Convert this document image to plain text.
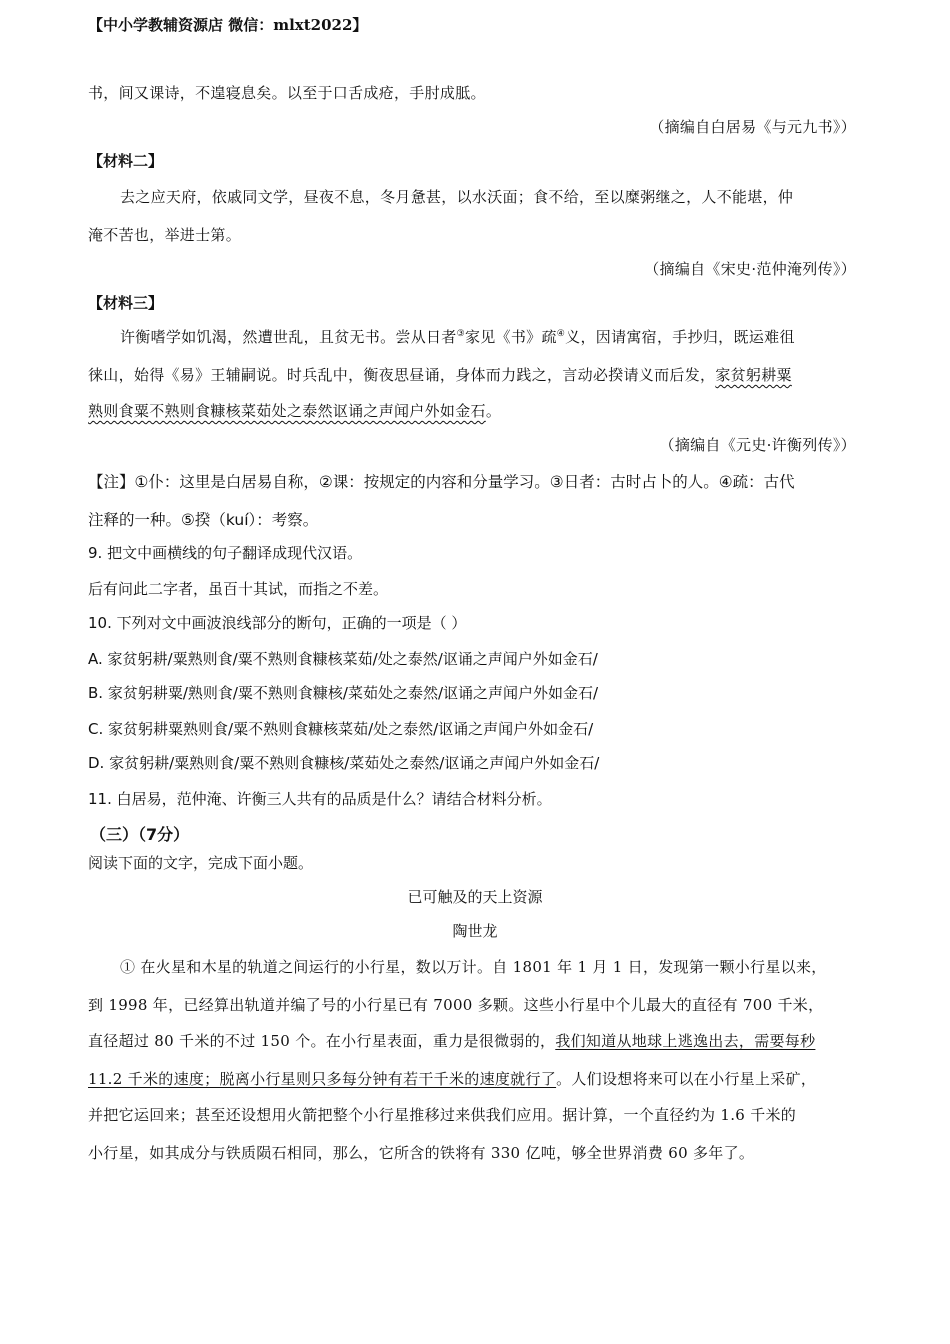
【中小学教辅资源店 微信：mlxt2022】
书，间又课诗，不遑寝息矣。以至于口舌成疮，手肘成胝。
（摘编自白居易《与元九书》）
【材料二】
去之应天府，依戚同文学，昼夜不息，冬月惫甚，以水沃面；食不给，至以糜粥继之，人不能堪，仲
淹不苦也，举进士第。
（摘编自《宋史·范仲淹列传》）
【材料三】
许衡嗜学如饥渴，然遭世乱，且贫无书。尝从日者③家见《书》疏④义，因请寓宿，手抄归，既运难徂
徕山，始得《易》王辅嗣说。时兵乱中，衡夜思昼诵，身体而力践之，言动必揆请义而后发，家贫躬耕粟
熟则食粟不熟则食糠核菜茹处之泰然讴诵之声闻户外如金石。
（摘编自《元史·许衡列传》）
【注】①仆：这里是白居易自称，②课：按规定的内容和分量学习。③日者：古时占卜的人。④疏：古代
注释的一种。⑤揆（kuí）：考察。
9. 把文中画横线的句子翻译成现代汉语。
后有问此二字者，虽百十其试，而指之不差。
10. 下列对文中画波浪线部分的断句，正确的一项是（ ）
A. 家贫躬耕/粟熟则食/粟不熟则食糠核菜茹/处之泰然/讴诵之声闻户外如金石/
B. 家贫躬耕粟/熟则食/粟不熟则食糠核/菜茹处之泰然/讴诵之声闻户外如金石/
C. 家贫躬耕粟熟则食/粟不熟则食糠核菜茹/处之泰然/讴诵之声闻户外如金石/
D. 家贫躬耕/粟熟则食/粟不熟则食糠核/菜茹处之泰然/讴诵之声闻户外如金石/
11. 白居易，范仲淹、许衡三人共有的品质是什么？请结合材料分析。
（三）（7分）
阅读下面的文字，完成下面小题。
已可触及的天上资源
陶世龙
① 在火星和木星的轨道之间运行的小行星，数以万计。自 1801 年 1 月 1 日，发现第一颗小行星以来，
到 1998 年，已经算出轨道并编了号的小行星已有 7000 多颗。这些小行星中个儿最大的直径有 700 千米，
直径超过 80 千米的不过 150 个。在小行星表面，重力是很微弱的，我们知道从地球上逃逸出去，需要每秒
11.2 千米的速度；脱离小行星则只多每分钟有若干千米的速度就行了。人们设想将来可以在小行星上采矿，
并把它运回来；甚至还设想用火箭把整个小行星推移过来供我们应用。据计算，一个直径约为 1.6 千米的
小行星，如其成分与铁质陨石相同，那么，它所含的铁将有 330 亿吨，够全世界消费 60 多年了。
